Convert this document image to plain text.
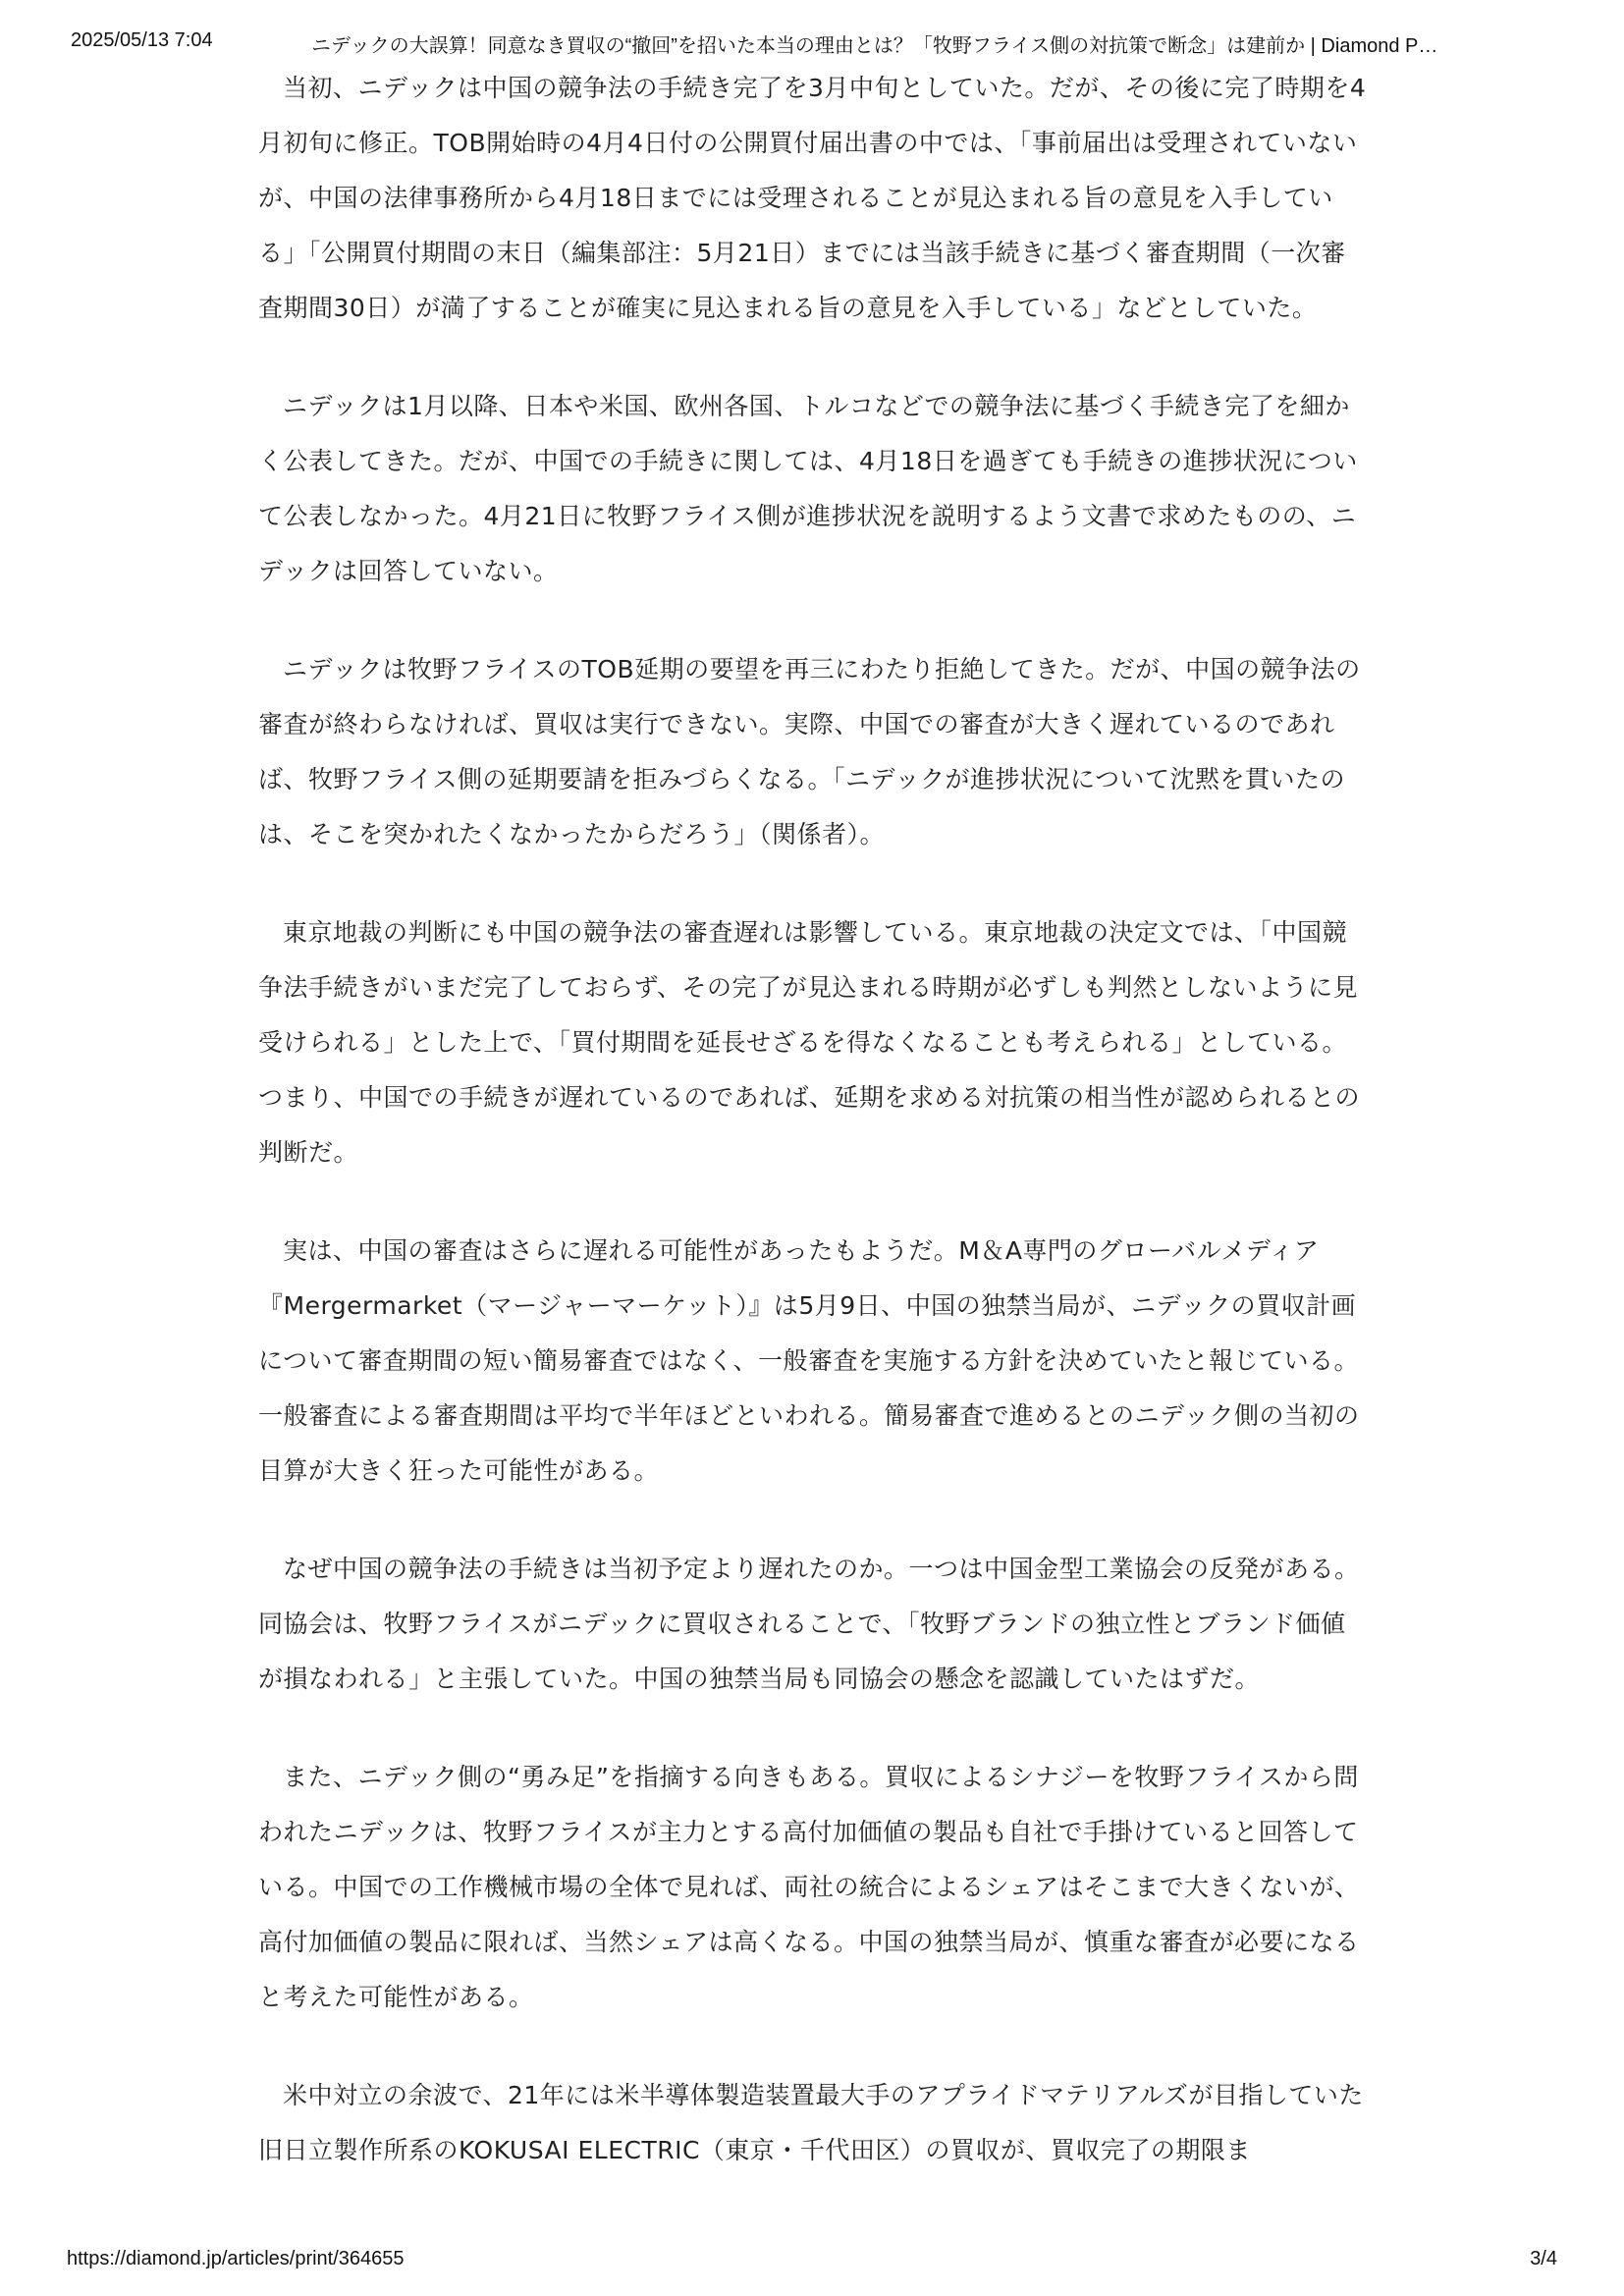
2025/05/13 7:04	ニデックの大誤算！同意なき買収の“撤回”を招いた本当の理由とは？「牧野フライス側の対抗策で断念」は建前か | Diamond P…

当初、ニデックは中国の競争法の手続き完了を3月中旬としていた。だが、その後に完了時期を4月初旬に修正。TOB開始時の4月4日付の公開買付届出書の中では、「事前届出は受理されていないが、中国の法律事務所から4月18日までには受理されることが見込まれる旨の意見を入手している」「公開買付期間の末日（編集部注：5月21日）までには当該手続きに基づく審査期間（一次審査期間30日）が満了することが確実に見込まれる旨の意見を入手している」などとしていた。

ニデックは1月以降、日本や米国、欧州各国、トルコなどでの競争法に基づく手続き完了を細かく公表してきた。だが、中国での手続きに関しては、4月18日を過ぎても手続きの進捗状況について公表しなかった。4月21日に牧野フライス側が進捗状況を説明するよう文書で求めたものの、ニデックは回答していない。

ニデックは牧野フライスのTOB延期の要望を再三にわたり拒絶してきた。だが、中国の競争法の審査が終わらなければ、買収は実行できない。実際、中国での審査が大きく遅れているのであれば、牧野フライス側の延期要請を拒みづらくなる。「ニデックが進捗状況について沈黙を貫いたのは、そこを突かれたくなかったからだろう」（関係者）。

東京地裁の判断にも中国の競争法の審査遅れは影響している。東京地裁の決定文では、「中国競争法手続きがいまだ完了しておらず、その完了が見込まれる時期が必ずしも判然としないように見受けられる」とした上で、「買付期間を延長せざるを得なくなることも考えられる」としている。つまり、中国での手続きが遅れているのであれば、延期を求める対抗策の相当性が認められるとの判断だ。

実は、中国の審査はさらに遅れる可能性があったもようだ。M＆A専門のグローバルメディア『Mergermarket（マージャーマーケット）』は5月9日、中国の独禁当局が、ニデックの買収計画について審査期間の短い簡易審査ではなく、一般審査を実施する方針を決めていたと報じている。一般審査による審査期間は平均で半年ほどといわれる。簡易審査で進めるとのニデック側の当初の目算が大きく狂った可能性がある。

なぜ中国の競争法の手続きは当初予定より遅れたのか。一つは中国金型工業協会の反発がある。同協会は、牧野フライスがニデックに買収されることで、「牧野ブランドの独立性とブランド価値が損なわれる」と主張していた。中国の独禁当局も同協会の懸念を認識していたはずだ。

また、ニデック側の“勇み足”を指摘する向きもある。買収によるシナジーを牧野フライスから問われたニデックは、牧野フライスが主力とする高付加価値の製品も自社で手掛けていると回答している。中国での工作機械市場の全体で見れば、両社の統合によるシェアはそこまで大きくないが、高付加価値の製品に限れば、当然シェアは高くなる。中国の独禁当局が、慎重な審査が必要になると考えた可能性がある。

米中対立の余波で、21年には米半導体製造装置最大手のアプライドマテリアルズが目指していた旧日立製作所系のKOKUSAI ELECTRIC（東京・千代田区）の買収が、買収完了の期限ま

https://diamond.jp/articles/print/364655	3/4
